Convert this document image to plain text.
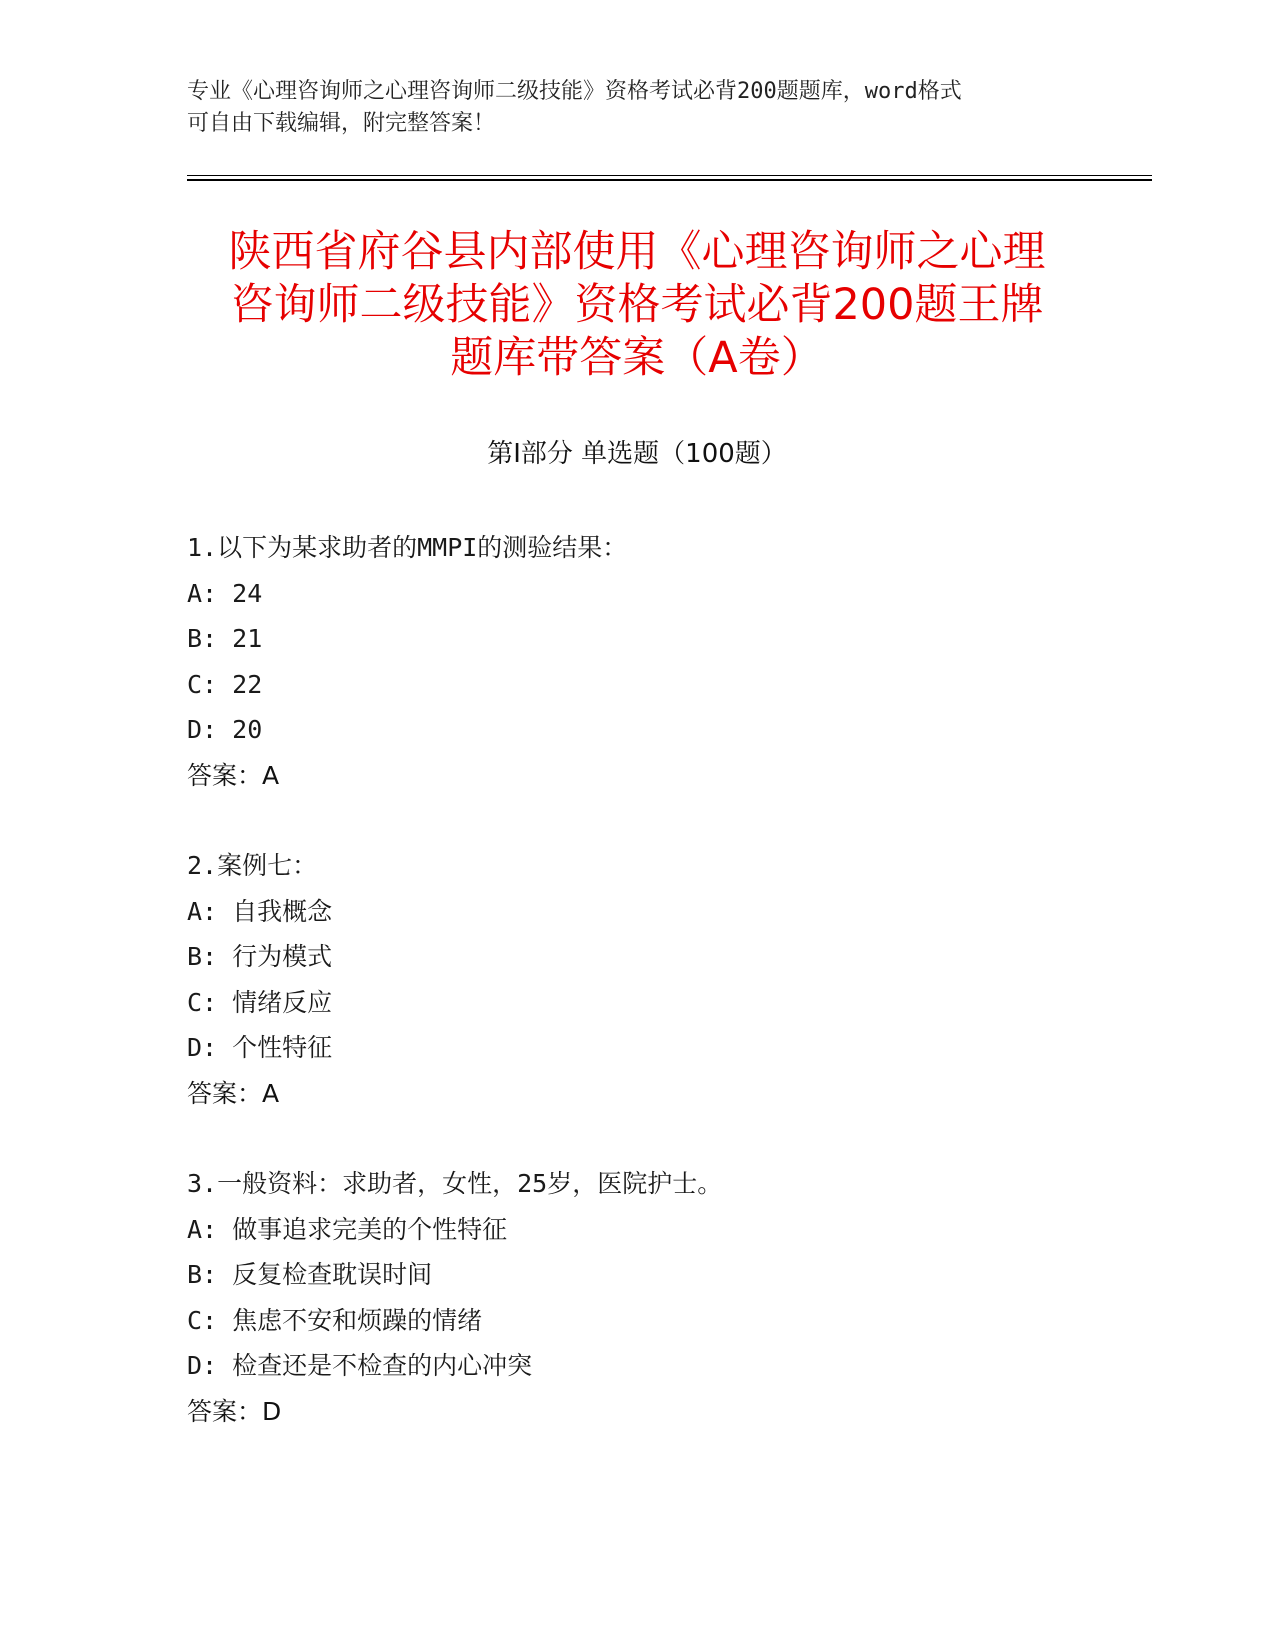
专业《心理咨询师之心理咨询师二级技能》资格考试必背200题题库，word格式
可自由下载编辑，附完整答案！
陕西省府谷县内部使用《心理咨询师之心理
咨询师二级技能》资格考试必背200题王牌
题库带答案（A卷）
第I部分 单选题（100题）
1.以下为某求助者的MMPI的测验结果：
A: 24
B: 21
C: 22
D: 20
答案：A
2.案例七：
A: 自我概念
B: 行为模式
C: 情绪反应
D: 个性特征
答案：A
3.一般资料：求助者，女性，25岁，医院护士。
A: 做事追求完美的个性特征
B: 反复检查耽误时间
C: 焦虑不安和烦躁的情绪
D: 检查还是不检查的内心冲突
答案：D
